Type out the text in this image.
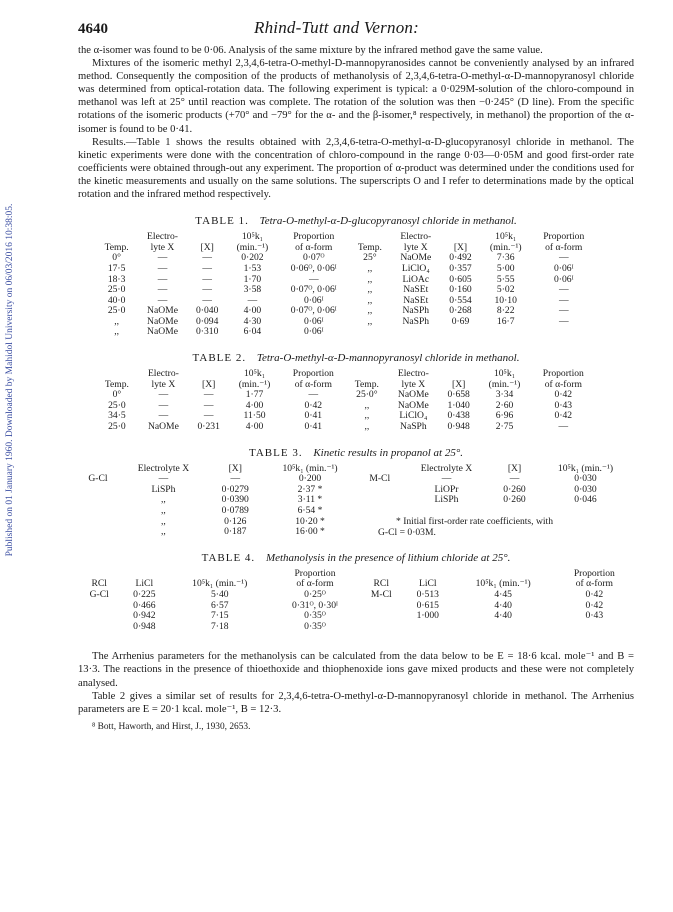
Published on 01 January 1960. Downloaded by Mahidol University on 06/03/2016 10:38:05.
4640	Rhind-Tutt and Vernon:

the α-isomer was found to be 0·06. Analysis of the same mixture by the infrared method gave the same value.

Mixtures of the isomeric methyl 2,3,4,6-tetra-O-methyl-D-mannopyranosides cannot be conveniently analysed by an infrared method. Consequently the composition of the products of methanolysis of 2,3,4,6-tetra-O-methyl-α-D-mannopyranosyl chloride was determined from optical-rotation data. The following experiment is typical: a 0·029M-solution of the chloro-compound in methanol was left at 25° until reaction was complete. The rotation of the solution was then −0·245° (D line). From the specific rotations of the isomeric products (+70° and −79° for the α- and the β-isomer,⁸ respectively, in methanol) the proportion of the α-isomer is found to be 0·41.

Results.—Table 1 shows the results obtained with 2,3,4,6-tetra-O-methyl-α-D-glucopyranosyl chloride in methanol. The kinetic experiments were done with the concentration of chloro-compound in the range 0·03—0·05M and good first-order rate coefficients were obtained through-out any experiment. The proportion of α-product was determined under the conditions used for the kinetic measurements and usually on the same solutions. The superscripts O and I refer to determinations made by the optical rotation and the infrared method respectively.

TABLE 1. Tetra-O-methyl-α-D-glucopyranosyl chloride in methanol.
	Electro-		10⁵k₁	Proportion		Electro-		10⁵k₁	Proportion
Temp.	lyte X	[X]	(min.⁻¹)	of α-form	Temp.	lyte X	[X]	(min.⁻¹)	of α-form
0°	—	—	0·202	0·07ᴼ	25°	NaOMe	0·492	7·36	—
17·5	—	—	1·53	0·06ᴼ, 0·06ᴵ	,,	LiClO₄	0·357	5·00	0·06ᴵ
18·3	—	—	1·70	—	,,	LiOAc	0·605	5·55	0·06ᴵ
25·0	—	—	3·58	0·07ᴼ, 0·06ᴵ	,,	NaSEt	0·160	5·02	—
40·0	—	—	—	0·06ᴵ	,,	NaSEt	0·554	10·10	—
25·0	NaOMe	0·040	4·00	0·07ᴼ, 0·06ᴵ	,,	NaSPh	0·268	8·22	—
,,	NaOMe	0·094	4·30	0·06ᴵ	,,	NaSPh	0·69	16·7	—
,,	NaOMe	0·310	6·04	0·06ᴵ					
TABLE 2. Tetra-O-methyl-α-D-mannopyranosyl chloride in methanol.
	Electro-		10⁵k₁	Proportion		Electro-		10⁵k₁	Proportion
Temp.	lyte X	[X]	(min.⁻¹)	of α-form	Temp.	lyte X	[X]	(min.⁻¹)	of α-form
0°	—	—	1·77	—	25·0°	NaOMe	0·658	3·34	0·42
25·0	—	—	4·00	0·42	,,	NaOMe	1·040	2·60	0·43
34·5	—	—	11·50	0·41	,,	LiClO₄	0·438	6·96	0·42
25·0	NaOMe	0·231	4·00	0·41	,,	NaSPh	0·948	2·75	—
TABLE 3. Kinetic results in propanol at 25°.
	Electrolyte X	[X]	10⁵k₁ (min.⁻¹)		Electrolyte X	[X]	10⁵k₁ (min.⁻¹)
G-Cl	—	—	0·200	M-Cl	—	—	0·030
	LiSPh	0·0279	2·37 *		LiOPr	0·260	0·030
	,,	0·0390	3·11 *		LiSPh	0·260	0·046
	,,	0·0789	6·54 *				
	,,	0·126	10·20 *				
	,,	0·187	16·00 *				
* Initial first-order rate coefficients, with
G-Cl = 0·03M.
TABLE 4. Methanolysis in the presence of lithium chloride at 25°.
			Proportion				Proportion
RCl	LiCl	10⁵k₁ (min.⁻¹)	of α-form	RCl	LiCl	10⁵k₁ (min.⁻¹)	of α-form
G-Cl	0·225	5·40	0·25ᴼ	M-Cl	0·513	4·45	0·42
	0·466	6·57	0·31ᴼ, 0·30ᴵ		0·615	4·40	0·42
	0·942	7·15	0·35ᴼ		1·000	4·40	0·43
	0·948	7·18	0·35ᴼ				

The Arrhenius parameters for the methanolysis can be calculated from the data below to be E = 18·6 kcal. mole⁻¹ and B = 13·3. The reactions in the presence of thioethoxide and thiophenoxide ions gave mixed products and these were not completely analysed.

Table 2 gives a similar set of results for 2,3,4,6-tetra-O-methyl-α-D-mannopyranosyl chloride in methanol. The Arrhenius parameters are E = 20·1 kcal. mole⁻¹, B = 12·3.

⁸ Bott, Haworth, and Hirst, J., 1930, 2653.
